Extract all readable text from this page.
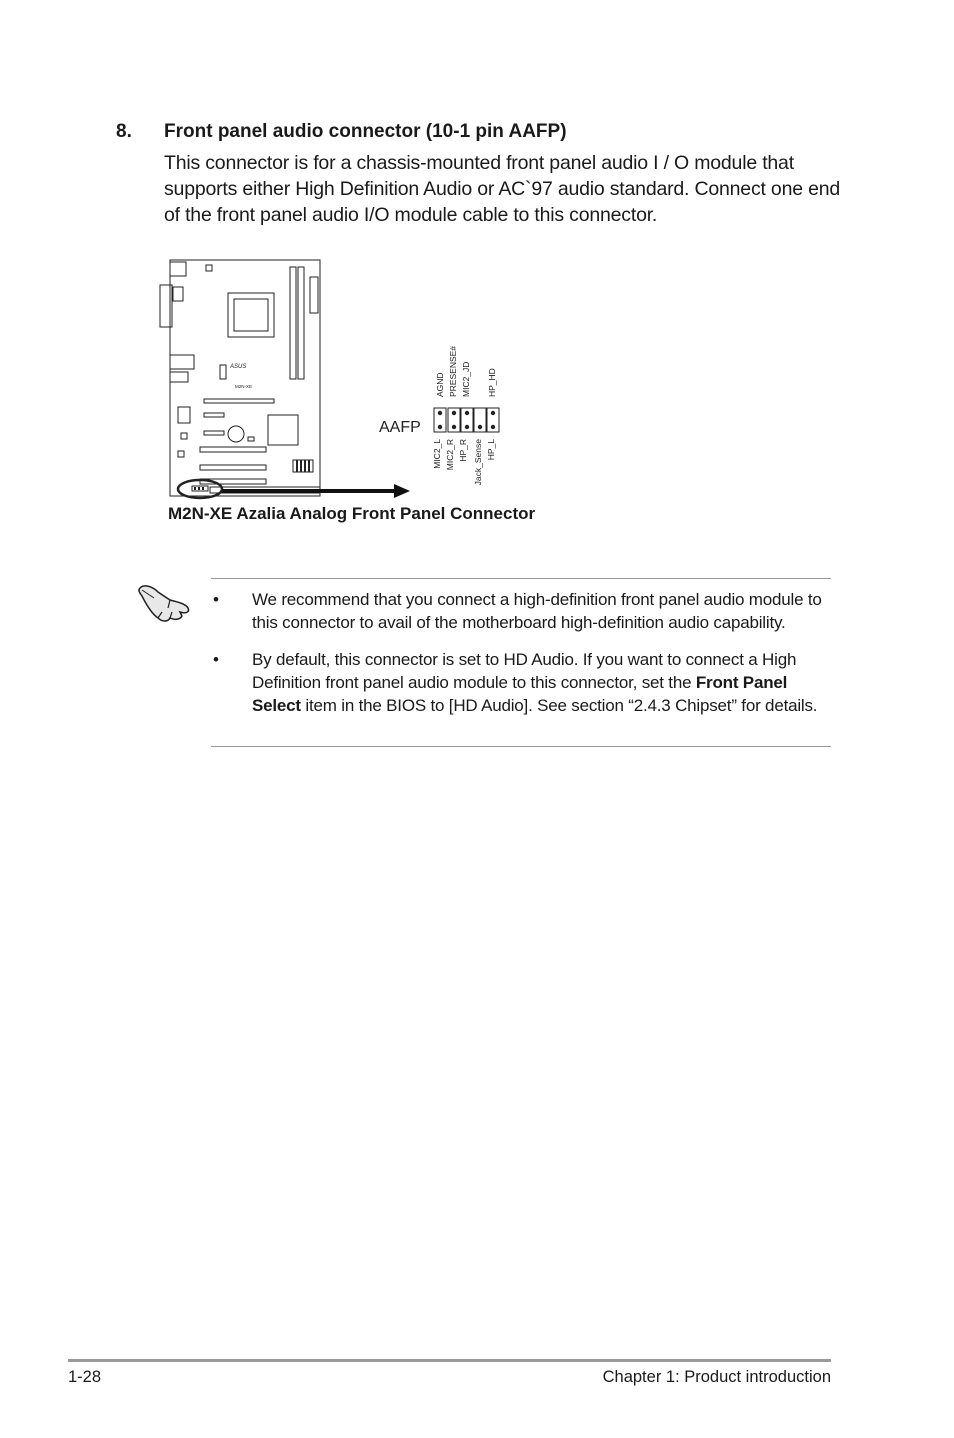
8. Front panel audio connector (10-1 pin AAFP)
This connector is for a chassis-mounted front panel audio I / O module that supports either High Definition Audio or AC`97 audio standard. Connect one end of the front panel audio I/O module cable to this connector.
ASUS
M2N-XE
AAFP
AGND PRESENSE# MIC2_JD HP_HD
MIC2_L MIC2_R HP_R Jack_Sense HP_L
M2N-XE Azalia Analog Front Panel Connector
• We recommend that you connect a high-definition front panel audio module to this connector to avail of the motherboard high-definition audio capability.
• By default, this connector is set to HD Audio. If you want to connect a High Definition front panel audio module to this connector, set the Front Panel Select item in the BIOS to [HD Audio]. See section “2.4.3 Chipset” for details.
1-28	Chapter 1: Product introduction
